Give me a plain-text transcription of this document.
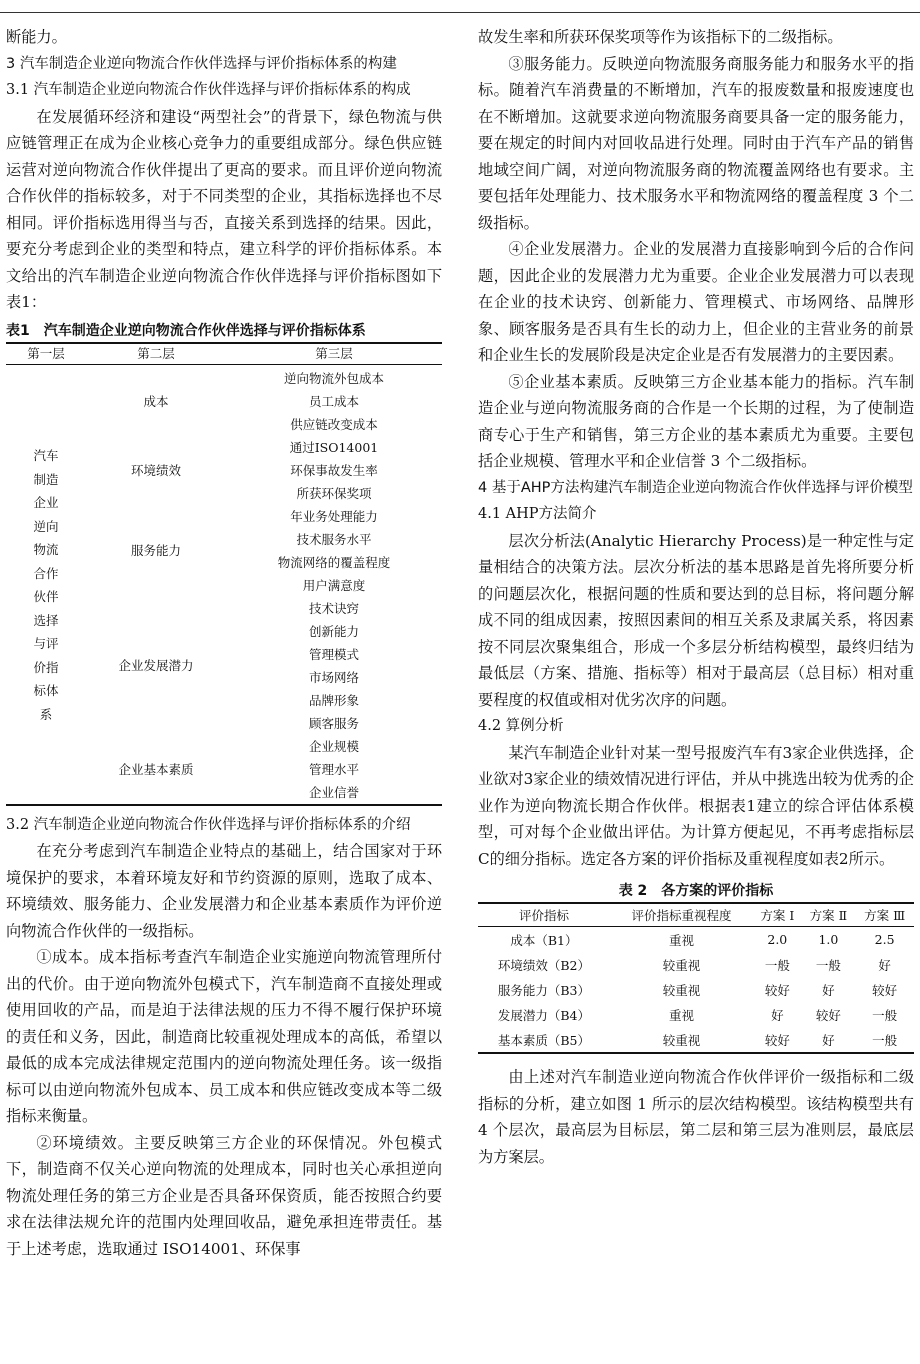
断能力。

3 汽车制造企业逆向物流合作伙伴选择与评价指标体系的构建
3.1 汽车制造企业逆向物流合作伙伴选择与评价指标体系的构成

在发展循环经济和建设“两型社会”的背景下，绿色物流与供应链管理正在成为企业核心竞争力的重要组成部分。绿色供应链运营对逆向物流合作伙伴提出了更高的要求。而且评价逆向物流合作伙伴的指标较多，对于不同类型的企业，其指标选择也不尽相同。评价指标选用得当与否，直接关系到选择的结果。因此，要充分考虑到企业的类型和特点，建立科学的评价指标体系。本文给出的汽车制造企业逆向物流合作伙伴选择与评价指标图如下表1：

表1　汽车制造企业逆向物流合作伙伴选择与评价指标体系
第一层	第二层	第三层

汽车制造企业逆向物流合作伙伴选择与评价指标体系	成本	逆向物流外包成本
		员工成本
		供应链改变成本
	环境绩效	通过ISO14001
		环保事故发生率
		所获环保奖项
	服务能力	年业务处理能力
		技术服务水平
		物流网络的覆盖程度
		用户满意度
	企业发展潜力	技术诀窍
		创新能力
		管理模式
		市场网络
		品牌形象
		顾客服务
	企业基本素质	企业规模
		管理水平
		企业信誉
3.2 汽车制造企业逆向物流合作伙伴选择与评价指标体系的介绍

在充分考虑到汽车制造企业特点的基础上，结合国家对于环境保护的要求，本着环境友好和节约资源的原则，选取了成本、环境绩效、服务能力、企业发展潜力和企业基本素质作为评价逆向物流合作伙伴的一级指标。

①成本。成本指标考查汽车制造企业实施逆向物流管理所付出的代价。由于逆向物流外包模式下，汽车制造商不直接处理或使用回收的产品，而是迫于法律法规的压力不得不履行保护环境的责任和义务，因此，制造商比较重视处理成本的高低，希望以最低的成本完成法律规定范围内的逆向物流处理任务。该一级指标可以由逆向物流外包成本、员工成本和供应链改变成本等二级指标来衡量。

②环境绩效。主要反映第三方企业的环保情况。外包模式下，制造商不仅关心逆向物流的处理成本，同时也关心承担逆向物流处理任务的第三方企业是否具备环保资质，能否按照合约要求在法律法规允许的范围内处理回收品，避免承担连带责任。基于上述考虑，选取通过 ISO14001、环保事

故发生率和所获环保奖项等作为该指标下的二级指标。

③服务能力。反映逆向物流服务商服务能力和服务水平的指标。随着汽车消费量的不断增加，汽车的报废数量和报废速度也在不断增加。这就要求逆向物流服务商要具备一定的服务能力，要在规定的时间内对回收品进行处理。同时由于汽车产品的销售地域空间广阔，对逆向物流服务商的物流覆盖网络也有要求。主要包括年处理能力、技术服务水平和物流网络的覆盖程度 3 个二级指标。

④企业发展潜力。企业的发展潜力直接影响到今后的合作问题，因此企业的发展潜力尤为重要。企业企业发展潜力可以表现在企业的技术诀窍、创新能力、管理模式、市场网络、品牌形象、顾客服务是否具有生长的动力上，但企业的主营业务的前景和企业生长的发展阶段是决定企业是否有发展潜力的主要因素。

⑤企业基本素质。反映第三方企业基本能力的指标。汽车制造企业与逆向物流服务商的合作是一个长期的过程，为了使制造商专心于生产和销售，第三方企业的基本素质尤为重要。主要包括企业规模、管理水平和企业信誉 3 个二级指标。

4 基于AHP方法构建汽车制造企业逆向物流合作伙伴选择与评价模型
4.1 AHP方法简介

层次分析法(Analytic Hierarchy Process)是一种定性与定量相结合的决策方法。层次分析法的基本思路是首先将所要分析的问题层次化，根据问题的性质和要达到的总目标，将问题分解成不同的组成因素，按照因素间的相互关系及隶属关系，将因素按不同层次聚集组合，形成一个多层分析结构模型，最终归结为最低层（方案、措施、指标等）相对于最高层（总目标）相对重要程度的权值或相对优劣次序的问题。

4.2 算例分析

某汽车制造企业针对某一型号报废汽车有3家企业供选择，企业欲对3家企业的绩效情况进行评估，并从中挑选出较为优秀的企业作为逆向物流长期合作伙伴。根据表1建立的综合评估体系模型，可对每个企业做出评估。为计算方便起见，不再考虑指标层C的细分指标。选定各方案的评价指标及重视程度如表2所示。

表 2　各方案的评价指标
评价指标	评价指标重视程度	方案 Ⅰ	方案 Ⅱ	方案 Ⅲ
成本（B1）	重视	2.0	1.0	2.5
环境绩效（B2）	较重视	一般	一般	好
服务能力（B3）	较重视	较好	好	较好
发展潜力（B4）	重视	好	较好	一般
基本素质（B5）	较重视	较好	好	一般

由上述对汽车制造业逆向物流合作伙伴评价一级指标和二级指标的分析，建立如图 1 所示的层次结构模型。该结构模型共有 4 个层次，最高层为目标层，第二层和第三层为准则层，最底层为方案层。
